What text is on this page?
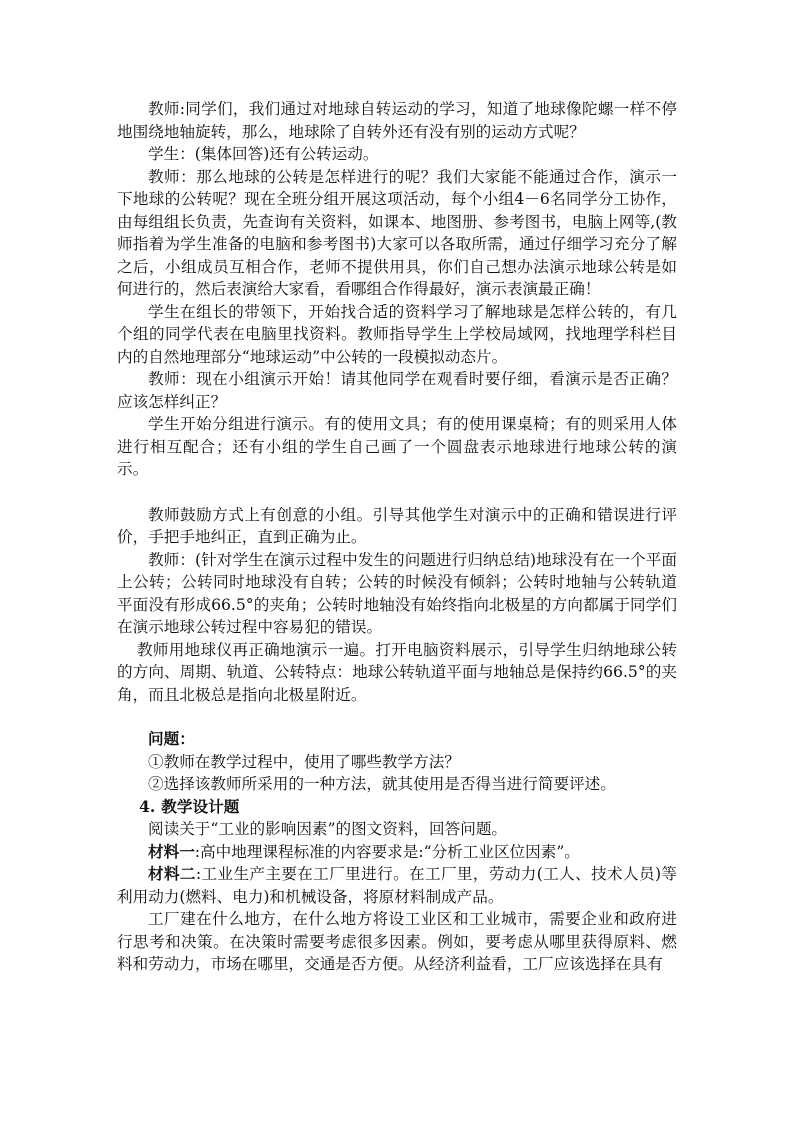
教师:同学们，我们通过对地球自转运动的学习，知道了地球像陀螺一样不停地围绕地轴旋转，那么，地球除了自转外还有没有别的运动方式呢？

学生：(集体回答)还有公转运动。

教师：那么地球的公转是怎样进行的呢？我们大家能不能通过合作，演示一下地球的公转呢？现在全班分组开展这项活动，每个小组4－6名同学分工协作，由每组组长负责，先查询有关资料，如课本、地图册、参考图书，电脑上网等,(教师指着为学生准备的电脑和参考图书)大家可以各取所需，通过仔细学习充分了解之后，小组成员互相合作，老师不提供用具，你们自己想办法演示地球公转是如何进行的，然后表演给大家看，看哪组合作得最好，演示表演最正确！

学生在组长的带领下，开始找合适的资料学习了解地球是怎样公转的，有几个组的同学代表在电脑里找资料。教师指导学生上学校局域网，找地理学科栏目内的自然地理部分“地球运动”中公转的一段模拟动态片。

教师：现在小组演示开始！请其他同学在观看时要仔细，看演示是否正确？应该怎样纠正？

学生开始分组进行演示。有的使用文具；有的使用课桌椅；有的则采用人体进行相互配合；还有小组的学生自己画了一个圆盘表示地球进行地球公转的演示。

教师鼓励方式上有创意的小组。引导其他学生对演示中的正确和错误进行评价，手把手地纠正，直到正确为止。

教师：(针对学生在演示过程中发生的问题进行归纳总结)地球没有在一个平面上公转；公转同时地球没有自转；公转的时候没有倾斜；公转时地轴与公转轨道平面没有形成66.5°的夹角；公转时地轴没有始终指向北极星的方向都属于同学们在演示地球公转过程中容易犯的错误。

教师用地球仪再正确地演示一遍。打开电脑资料展示，引导学生归纳地球公转的方向、周期、轨道、公转特点：地球公转轨道平面与地轴总是保持约66.5°的夹角，而且北极总是指向北极星附近。

问题：

①教师在教学过程中，使用了哪些教学方法？

②选择该教师所采用的一种方法，就其使用是否得当进行简要评述。

4. 教学设计题

阅读关于“工业的影响因素”的图文资料，回答问题。

材料一:高中地理课程标准的内容要求是:“分析工业区位因素”。

材料二:工业生产主要在工厂里进行。在工厂里，劳动力(工人、技术人员)等利用动力(燃料、电力)和机械设备，将原材料制成产品。

工厂建在什么地方，在什么地方将设工业区和工业城市，需要企业和政府进行思考和决策。在决策时需要考虑很多因素。例如，要考虑从哪里获得原料、燃料和劳动力，市场在哪里，交通是否方便。从经济利益看，工厂应该选择在具有
